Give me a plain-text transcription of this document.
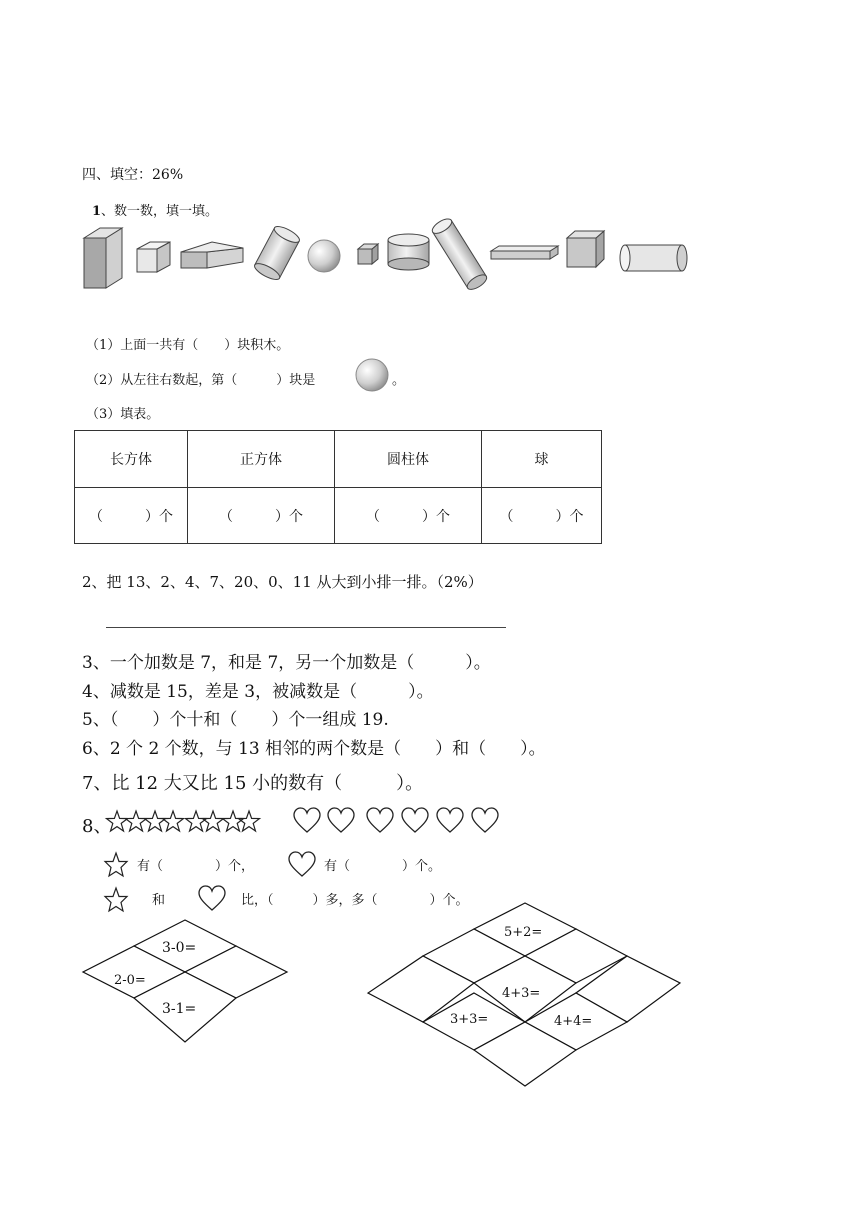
四、填空：26%
1、数一数，填一填。
（1）上面一共有（　　）块积木。
（2）从左往右数起，第（　　　）块是	。
（3）填表。
长方体	正方体	圆柱体	球
（　　　）个	（　　　）个	（　　　）个	（　　　）个
2、把 13、2、4、7、20、0、11 从大到小排一排。（2%）
3、一个加数是 7，和是 7，另一个加数是（　　　）。
4、减数是 15，差是 3，被减数是（　　　）。
5、（　　）个十和（　　）个一组成 19.
6、2 个 2 个数，与 13 相邻的两个数是（　　）和（　　）。
7、比 12 大又比 15 小的数有（　　　）。
8、
有（　　　　）个，	有（　　　　）个。
和	比，（　　　）多，多（　　　　）个。
3-0=
2-0=
3-1=
5+2=
4+3=
3+3=	4+4=
